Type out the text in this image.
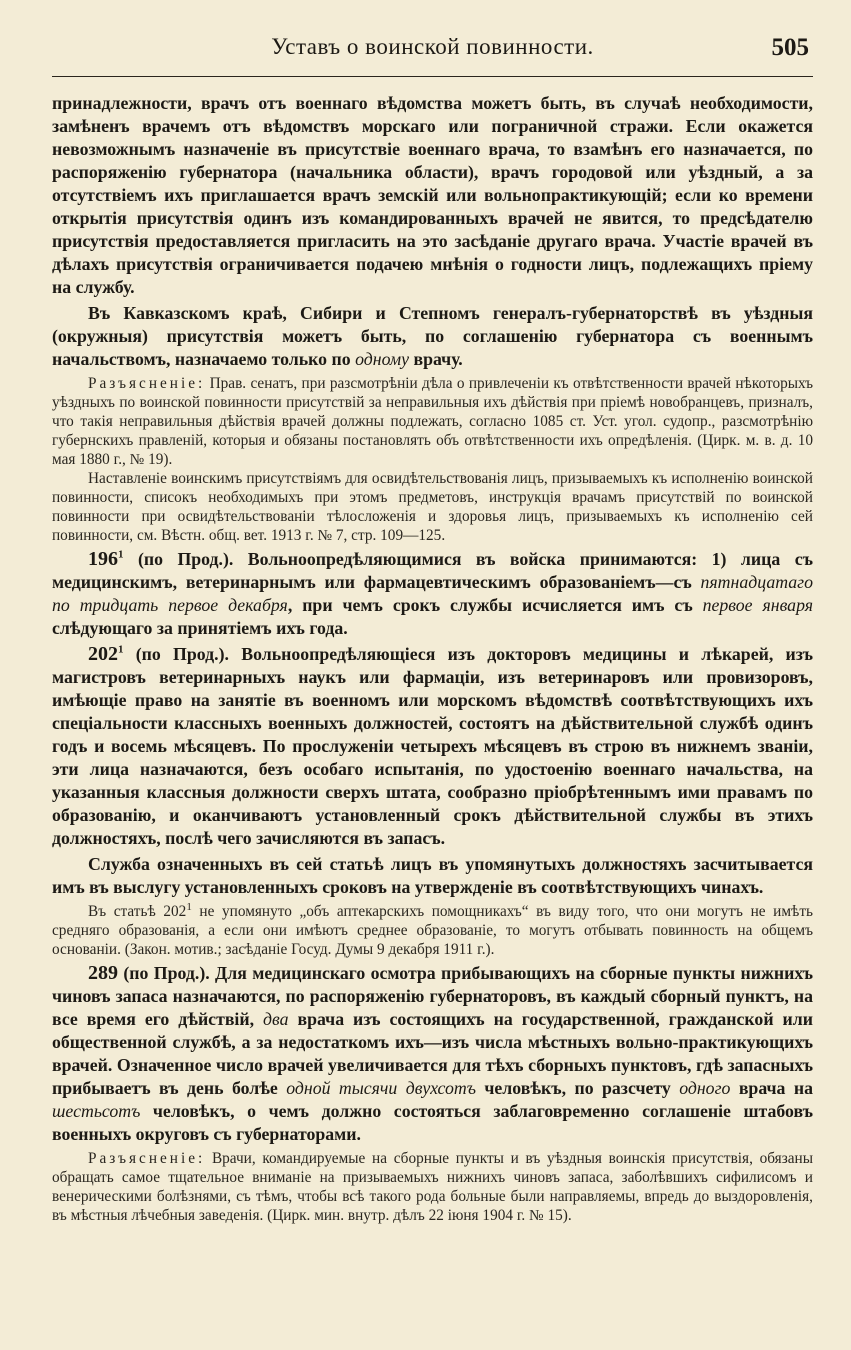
Уставъ о воинской повинности.	505

принадлежности, врачъ отъ военнаго вѣдомства можетъ быть, въ случаѣ необходимости, замѣненъ врачемъ отъ вѣдомствъ морскаго или пограничной стражи. Если окажется невозможнымъ назначенiе въ присутствiе военнаго врача, то взамѣнъ его назначается, по распоряженiю губернатора (начальника области), врачъ городовой или уѣздный, а за отсутствiемъ ихъ приглашается врачъ земскiй или вольнопрактикующiй; если ко времени открытiя присутствiя одинъ изъ командированныхъ врачей не явится, то предсѣдателю присутствiя предоставляется пригласить на это засѣданiе другаго врача. Участiе врачей въ дѣлахъ присутствiя ограничивается подачею мнѣнiя о годности лицъ, подлежащихъ прiему на службу.

Въ Кавказскомъ краѣ, Сибири и Степномъ генералъ-губернаторствѣ въ уѣздныя (окружныя) присутствiя можетъ быть, по соглашенiю губернатора съ военнымъ начальствомъ, назначаемо только по одному врачу.

Разъясненiе: Прав. сенатъ, при разсмотрѣнiи дѣла о привлеченiи къ отвѣтственности врачей нѣкоторыхъ уѣздныхъ по воинской повинности присутствiй за неправильныя ихъ дѣйствiя при прiемѣ новобранцевъ, призналъ, что такiя неправильныя дѣйствiя врачей должны подлежать, согласно 1085 ст. Уст. угол. судопр., разсмотрѣнiю губернскихъ правленiй, которыя и обязаны постановлять объ отвѣтственности ихъ опредѣленiя. (Цирк. м. в. д. 10 мая 1880 г., № 19).

Наставленiе воинскимъ присутствiямъ для освидѣтельствованiя лицъ, призываемыхъ къ исполненiю воинской повинности, списокъ необходимыхъ при этомъ предметовъ, инструкцiя врачамъ присутствiй по воинской повинности при освидѣтельствованiи тѣлосложенiя и здоровья лицъ, призываемыхъ къ исполненiю сей повинности, см. Вѣстн. общ. вет. 1913 г. № 7, стр. 109—125.

$196^1$ (по Прод.). Вольноопредѣляющимися въ войска принимаются: 1) лица съ медицинскимъ, ветеринарнымъ или фармацевтическимъ образованiемъ—съ пятнадцатаго по тридцать первое декабря, при чемъ срокъ службы исчисляется имъ съ первое января слѣдующаго за принятiемъ ихъ года.

$202^1$ (по Прод.). Вольноопредѣляющiеся изъ докторовъ медицины и лѣкарей, изъ магистровъ ветеринарныхъ наукъ или фармацiи, изъ ветеринаровъ или провизоровъ, имѣющiе право на занятiе въ военномъ или морскомъ вѣдомствѣ соотвѣтствующихъ ихъ спецiальности классныхъ военныхъ должностей, состоятъ на дѣйствительной службѣ одинъ годъ и восемь мѣсяцевъ. По прослуженiи четырехъ мѣсяцевъ въ строю въ нижнемъ званiи, эти лица назначаются, безъ особаго испытанiя, по удостоенiю военнаго начальства, на указанныя классныя должности сверхъ штата, сообразно прiобрѣтеннымъ ими правамъ по образованiю, и оканчиваютъ установленный срокъ дѣйствительной службы въ этихъ должностяхъ, послѣ чего зачисляются въ запасъ.

Служба означенныхъ въ сей статьѣ лицъ въ упомянутыхъ должностяхъ засчитывается имъ въ выслугу установленныхъ сроковъ на утвержденiе въ соотвѣтствующихъ чинахъ.

Въ статьѣ $202^1$ не упомянуто „объ аптекарскихъ помощникахъ“ въ виду того, что они могутъ не имѣть средняго образованiя, а если они имѣютъ среднее образованiе, то могутъ отбывать повинность на общемъ основанiи. (Закон. мотив.; засѣданiе Госуд. Думы 9 декабря 1911 г.).

289 (по Прод.). Для медицинскаго осмотра прибывающихъ на сборные пункты нижнихъ чиновъ запаса назначаются, по распоряженiю губернаторовъ, въ каждый сборный пунктъ, на все время его дѣйствiй, два врача изъ состоящихъ на государственной, гражданской или общественной службѣ, а за недостаткомъ ихъ—изъ числа мѣстныхъ вольно-практикующихъ врачей. Означенное число врачей увеличивается для тѣхъ сборныхъ пунктовъ, гдѣ запасныхъ прибываетъ въ день болѣе одной тысячи двухсотъ человѣкъ, по разсчету одного врача на шестьсотъ человѣкъ, о чемъ должно состояться заблаговременно соглашенiе штабовъ военныхъ округовъ съ губернаторами.

Разъясненiе: Врачи, командируемые на сборные пункты и въ уѣздныя воинскiя присутствiя, обязаны обращать самое тщательное вниманiе на призываемыхъ нижнихъ чиновъ запаса, заболѣвшихъ сифилисомъ и венерическими болѣзнями, съ тѣмъ, чтобы всѣ такого рода больные были направляемы, впредь до выздоровленiя, въ мѣстныя лѣчебныя заведенiя. (Цирк. мин. внутр. дѣлъ 22 iюня 1904 г. № 15).
